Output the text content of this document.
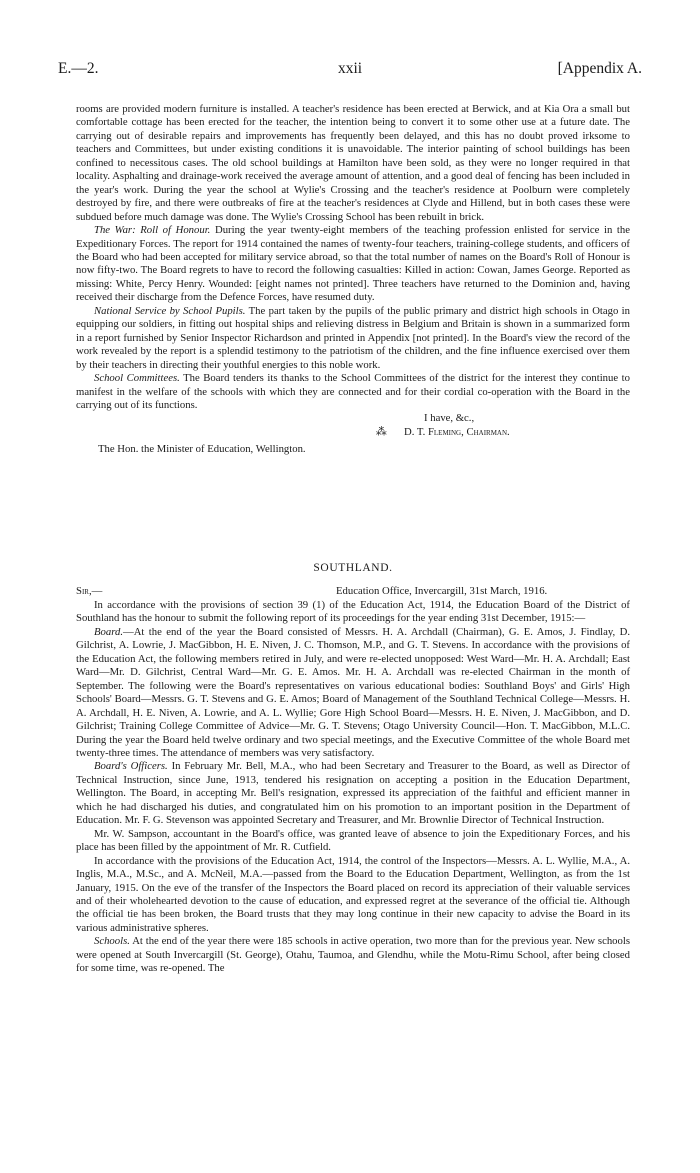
E.—2.	xxii	[Appendix A.

rooms are provided modern furniture is installed. A teacher's residence has been erected at Berwick, and at Kia Ora a small but comfortable cottage has been erected for the teacher, the intention being to convert it to some other use at a future date. The carrying out of desirable repairs and improvements has frequently been delayed, and this has no doubt proved irksome to teachers and Committees, but under existing conditions it is unavoidable. The interior painting of school buildings has been confined to necessitous cases. The old school buildings at Hamilton have been sold, as they were no longer required in that locality. Asphalting and drainage-work received the average amount of attention, and a good deal of fencing has been included in the year's work. During the year the school at Wylie's Crossing and the teacher's residence at Poolburn were completely destroyed by fire, and there were outbreaks of fire at the teacher's residences at Clyde and Hillend, but in both cases these were subdued before much damage was done. The Wylie's Crossing School has been rebuilt in brick.

The War: Roll of Honour. During the year twenty-eight members of the teaching profession enlisted for service in the Expeditionary Forces. The report for 1914 contained the names of twenty-four teachers, training-college students, and officers of the Board who had been accepted for military service abroad, so that the total number of names on the Board's Roll of Honour is now fifty-two. The Board regrets to have to record the following casualties: Killed in action: Cowan, James George. Reported as missing: White, Percy Henry. Wounded: [eight names not printed]. Three teachers have returned to the Dominion and, having received their discharge from the Defence Forces, have resumed duty.

National Service by School Pupils. The part taken by the pupils of the public primary and district high schools in Otago in equipping our soldiers, in fitting out hospital ships and relieving distress in Belgium and Britain is shown in a summarized form in a report furnished by Senior Inspector Richardson and printed in Appendix [not printed]. In the Board's view the record of the work revealed by the report is a splendid testimony to the patriotism of the children, and the fine influence exercised over them by their teachers in directing their youthful energies to this noble work.

School Committees. The Board tenders its thanks to the School Committees of the district for the interest they continue to manifest in the welfare of the schools with which they are connected and for their cordial co-operation with the Board in the carrying out of its functions.

I have, &c.,

⁂ D. T. Fleming, Chairman.

The Hon. the Minister of Education, Wellington.

SOUTHLAND.
Sir,—	Education Office, Invercargill, 31st March, 1916.

In accordance with the provisions of section 39 (1) of the Education Act, 1914, the Education Board of the District of Southland has the honour to submit the following report of its proceedings for the year ending 31st December, 1915:—

Board.—At the end of the year the Board consisted of Messrs. H. A. Archdall (Chairman), G. E. Amos, J. Findlay, D. Gilchrist, A. Lowrie, J. MacGibbon, H. E. Niven, J. C. Thomson, M.P., and G. T. Stevens. In accordance with the provisions of the Education Act, the following members retired in July, and were re-elected unopposed: West Ward—Mr. H. A. Archdall; East Ward—Mr. D. Gilchrist, Central Ward—Mr. G. E. Amos. Mr. H. A. Archdall was re-elected Chairman in the month of September. The following were the Board's representatives on various educational bodies: Southland Boys' and Girls' High Schools' Board—Messrs. G. T. Stevens and G. E. Amos; Board of Management of the Southland Technical College—Messrs. H. A. Archdall, H. E. Niven, A. Lowrie, and A. L. Wyllie; Gore High School Board—Messrs. H. E. Niven, J. MacGibbon, and D. Gilchrist; Training College Committee of Advice—Mr. G. T. Stevens; Otago University Council—Hon. T. MacGibbon, M.L.C. During the year the Board held twelve ordinary and two special meetings, and the Executive Committee of the whole Board met twenty-three times. The attendance of members was very satisfactory.

Board's Officers. In February Mr. Bell, M.A., who had been Secretary and Treasurer to the Board, as well as Director of Technical Instruction, since June, 1913, tendered his resignation on accepting a position in the Education Department, Wellington. The Board, in accepting Mr. Bell's resignation, expressed its appreciation of the faithful and efficient manner in which he had discharged his duties, and congratulated him on his promotion to an important position in the Department of Education. Mr. F. G. Stevenson was appointed Secretary and Treasurer, and Mr. Brownlie Director of Technical Instruction.

Mr. W. Sampson, accountant in the Board's office, was granted leave of absence to join the Expeditionary Forces, and his place has been filled by the appointment of Mr. R. Cutfield.

In accordance with the provisions of the Education Act, 1914, the control of the Inspectors—Messrs. A. L. Wyllie, M.A., A. Inglis, M.A., M.Sc., and A. McNeil, M.A.—passed from the Board to the Education Department, Wellington, as from the 1st January, 1915. On the eve of the transfer of the Inspectors the Board placed on record its appreciation of their valuable services and of their wholehearted devotion to the cause of education, and expressed regret at the severance of the official tie. Although the official tie has been broken, the Board trusts that they may long continue in their new capacity to advise the Board in its various administrative spheres.

Schools. At the end of the year there were 185 schools in active operation, two more than for the previous year. New schools were opened at South Invercargill (St. George), Otahu, Taumoa, and Glendhu, while the Motu-Rimu School, after being closed for some time, was re-opened. The
